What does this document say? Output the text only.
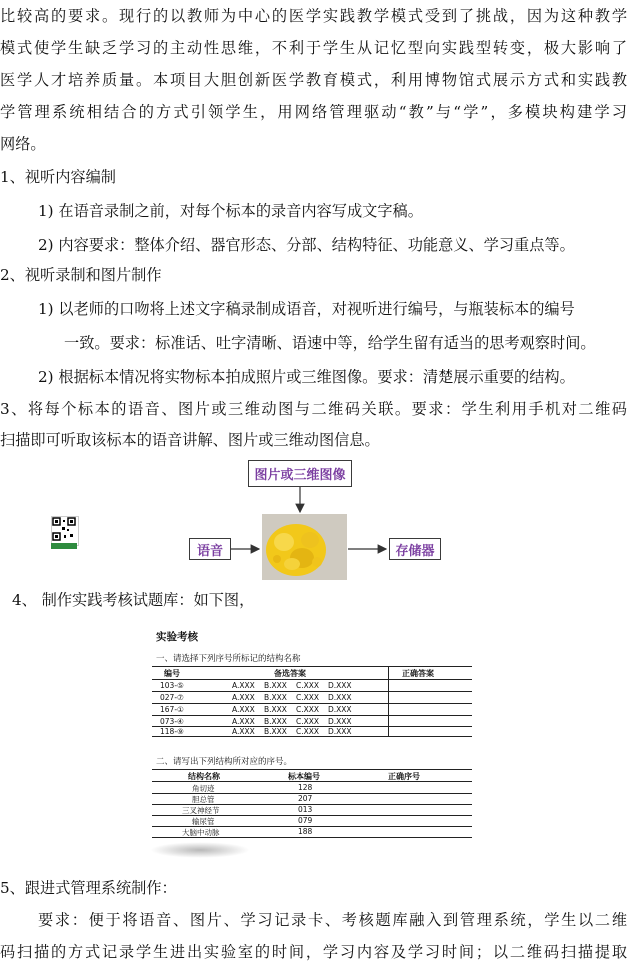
比较高的要求。现行的以教师为中心的医学实践教学模式受到了挑战，因为这种教学
模式使学生缺乏学习的主动性思维，不利于学生从记忆型向实践型转变，极大影响了
医学人才培养质量。本项目大胆创新医学教育模式，利用博物馆式展示方式和实践教
学管理系统相结合的方式引领学生，用网络管理驱动“教”与“学”，多模块构建学习
网络。
1、视听内容编制
1) 在语音录制之前，对每个标本的录音内容写成文字稿。
2) 内容要求：整体介绍、器官形态、分部、结构特征、功能意义、学习重点等。
2、视听录制和图片制作
1) 以老师的口吻将上述文字稿录制成语音，对视听进行编号，与瓶装标本的编号
一致。要求：标准话、吐字清晰、语速中等，给学生留有适当的思考观察时间。
2) 根据标本情况将实物标本拍成照片或三维图像。要求：清楚展示重要的结构。
3、将每个标本的语音、图片或三维动图与二维码关联。要求：学生利用手机对二维码
扫描即可听取该标本的语音讲解、图片或三维动图信息。
图片或三维图像
语音	存储器
4、 制作实践考核试题库：如下图，
实验考核
一、请选择下列序号所标记的结构名称
编号	备选答案	正确答案
103-⑤	A.XXX B.XXX C.XXX D.XXX
027-⑦	A.XXX B.XXX C.XXX D.XXX
167-①	A.XXX B.XXX C.XXX D.XXX
073-④	A.XXX B.XXX C.XXX D.XXX
118-⑨	A.XXX B.XXX C.XXX D.XXX
二、请写出下列结构所对应的序号。
结构名称	标本编号	正确序号
角切迹	128
胆总管	207
三叉神经节	013
输尿管	079
大脑中动脉	188
5、跟进式管理系统制作：
要求：便于将语音、图片、学习记录卡、考核题库融入到管理系统，学生以二维
码扫描的方式记录学生进出实验室的时间，学习内容及学习时间；以二维码扫描提取
